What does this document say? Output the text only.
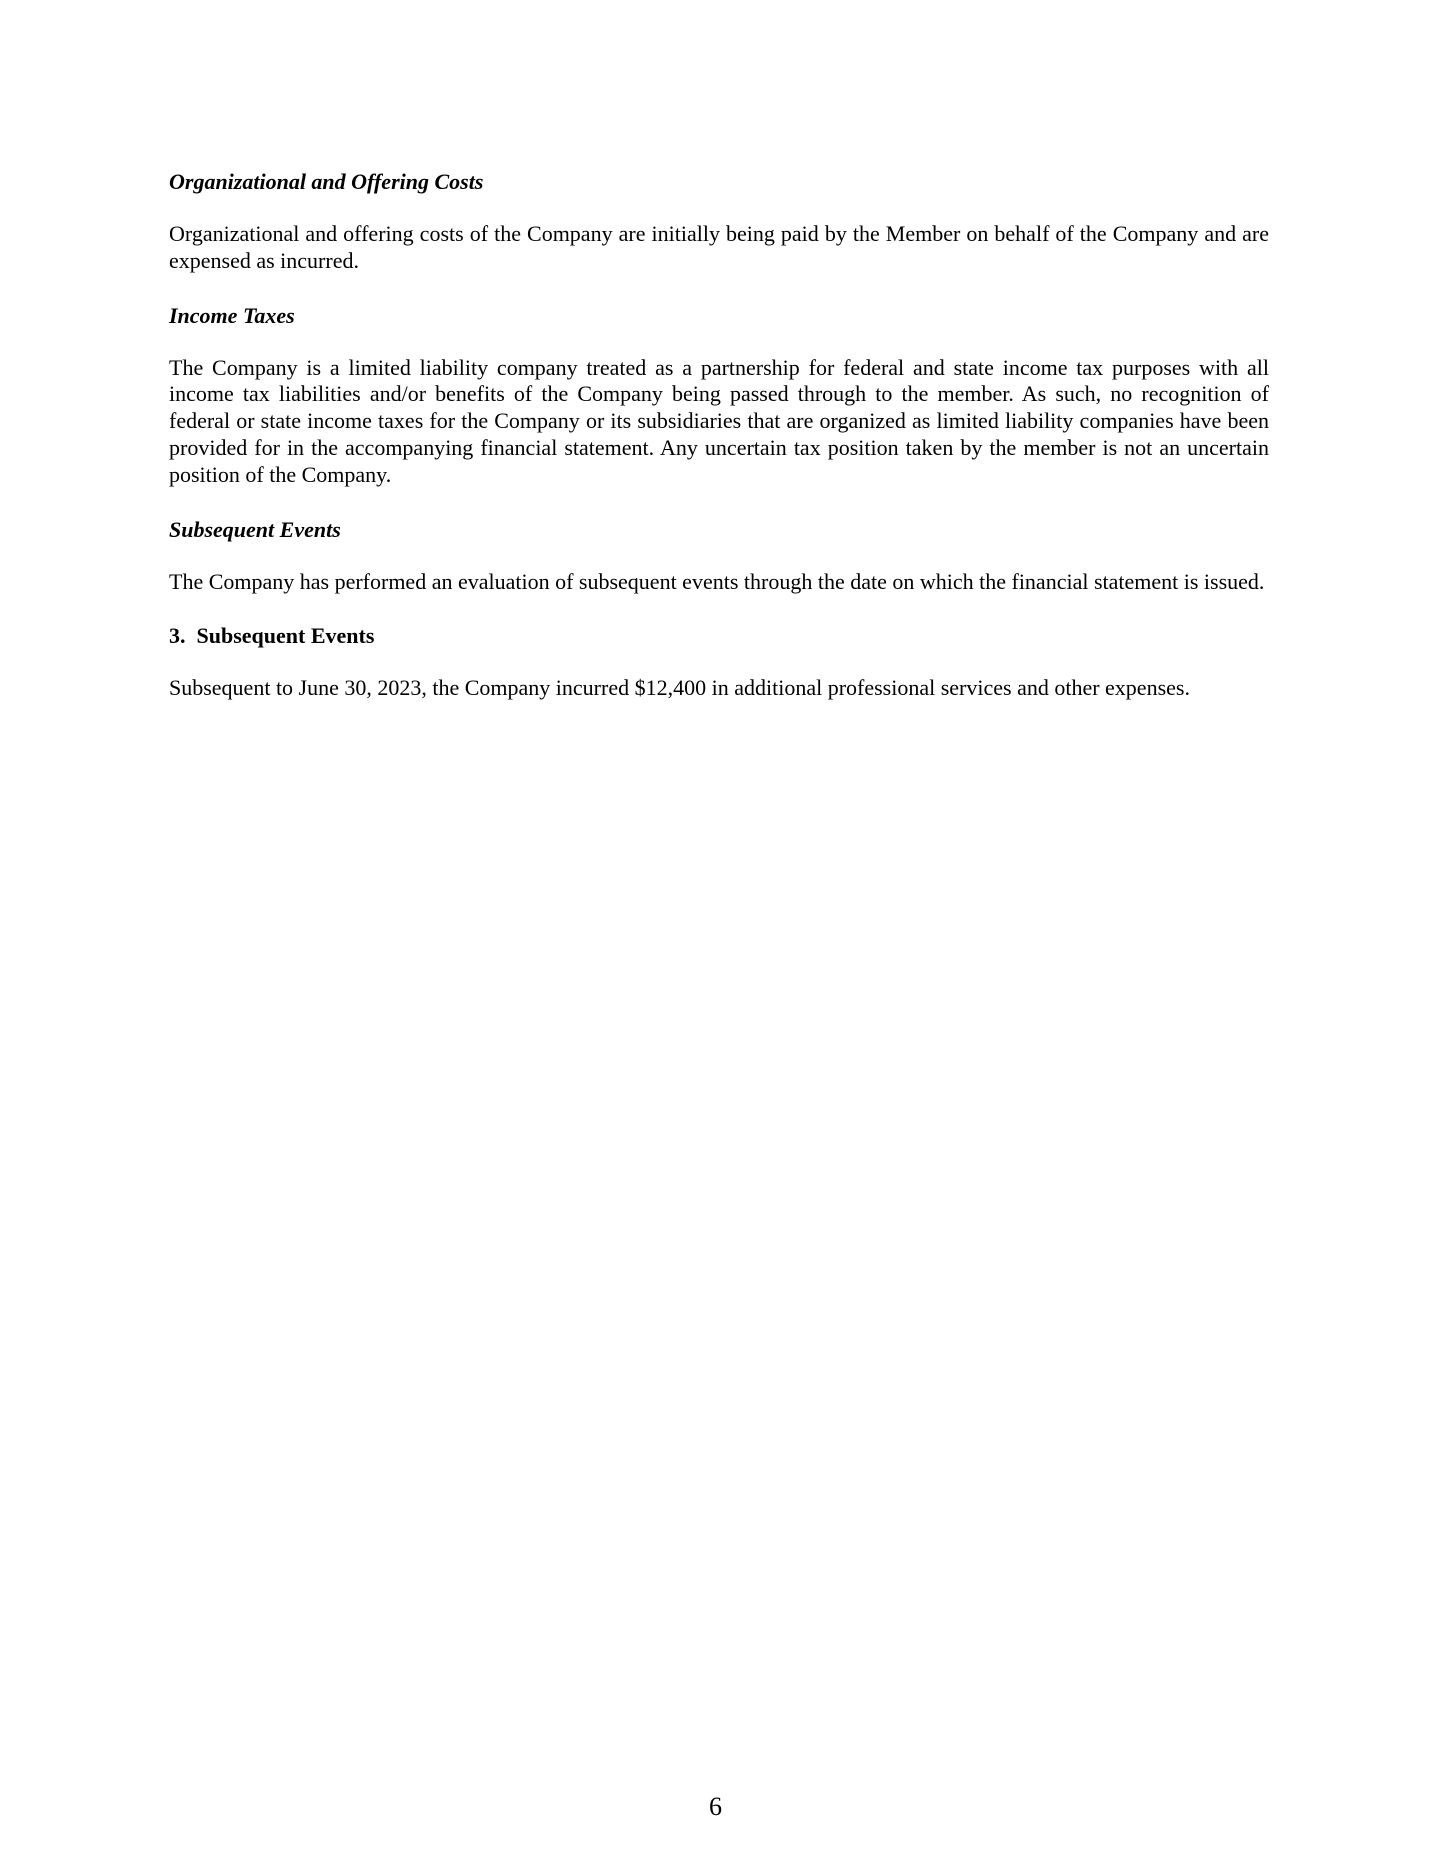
Organizational and Offering Costs

Organizational and offering costs of the Company are initially being paid by the Member on behalf of the Company and are expensed as incurred.

Income Taxes

The Company is a limited liability company treated as a partnership for federal and state income tax purposes with all income tax liabilities and/or benefits of the Company being passed through to the member. As such, no recognition of federal or state income taxes for the Company or its subsidiaries that are organized as limited liability companies have been provided for in the accompanying financial statement. Any uncertain tax position taken by the member is not an uncertain position of the Company.

Subsequent Events

The Company has performed an evaluation of subsequent events through the date on which the financial statement is issued.

3.  Subsequent Events

Subsequent to June 30, 2023, the Company incurred $12,400 in additional professional services and other expenses.

6
